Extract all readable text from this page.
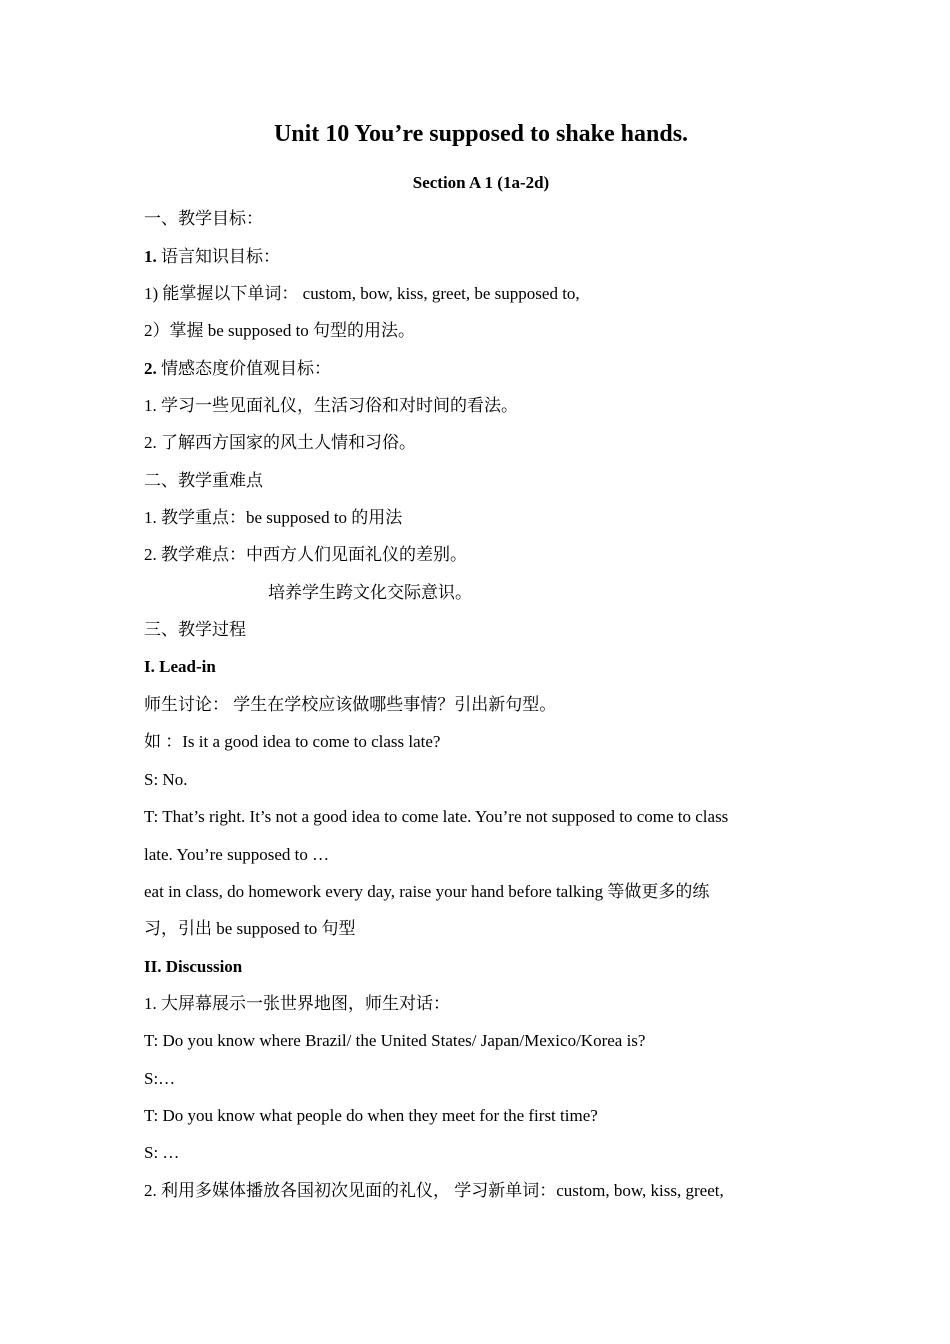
Unit 10 You’re supposed to shake hands.
Section A 1 (1a-2d)
一、教学目标：
1. 语言知识目标：
1) 能掌握以下单词： custom, bow, kiss, greet, be supposed to,
2）掌握 be supposed to 句型的用法。
2. 情感态度价值观目标：
1. 学习一些见面礼仪，生活习俗和对时间的看法。
2. 了解西方国家的风土人情和习俗。
二、教学重难点
1. 教学重点：be supposed to 的用法
2. 教学难点：中西方人们见面礼仪的差别。
培养学生跨文化交际意识。
三、教学过程
I. Lead-in
师生讨论： 学生在学校应该做哪些事情？引出新句型。
如 ：Is it a good idea to come to class late?
S: No.
T: That’s right. It’s not a good idea to come late. You’re not supposed to come to class
late. You’re supposed to …
eat in class, do homework every day, raise your hand before talking 等做更多的练
习，引出 be supposed to 句型
II. Discussion
1. 大屏幕展示一张世界地图，师生对话：
T: Do you know where Brazil/ the United States/ Japan/Mexico/Korea is?
S:…
T: Do you know what people do when they meet for the first time?
S: …
2. 利用多媒体播放各国初次见面的礼仪， 学习新单词：custom, bow, kiss, greet,
